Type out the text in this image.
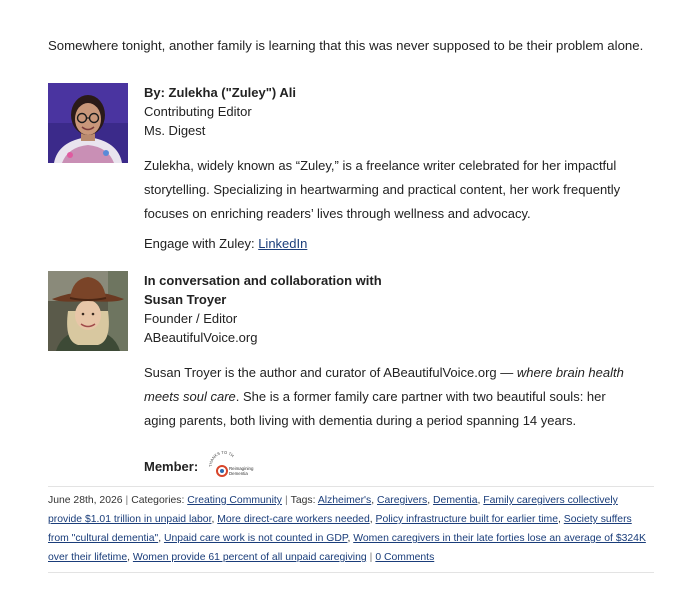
Somewhere tonight, another family is learning that this was never supposed to be their problem alone.

By: Zulekha ("Zuley") Ali
Contributing Editor
Ms. Digest
Zulekha, widely known as “Zuley,” is a freelance writer celebrated for her impactful storytelling. Specializing in heartwarming and practical content, her work frequently focuses on enriching readers’ lives through wellness and advocacy.
Engage with Zuley: LinkedIn
In conversation and collaboration with
Susan Troyer
Founder / Editor
ABeautifulVoice.org
Susan Troyer is the author and curator of ABeautifulVoice.org — where brain health meets soul care. She is a former family care partner with two beautiful souls: her aging parents, both living with dementia during a period spanning 14 years.
Member:	THANKS TO TH
Reimagining
Dementia
June 28th, 2026 | Categories: Creating Community | Tags: Alzheimer's, Caregivers, Dementia, Family caregivers collectively provide $1.01 trillion in unpaid labor, More direct-care workers needed, Policy infrastructure built for earlier time, Society suffers from "cultural dementia", Unpaid care work is not counted in GDP, Women caregivers in their late forties lose an average of $324K over their lifetime, Women provide 61 percent of all unpaid caregiving | 0 Comments
